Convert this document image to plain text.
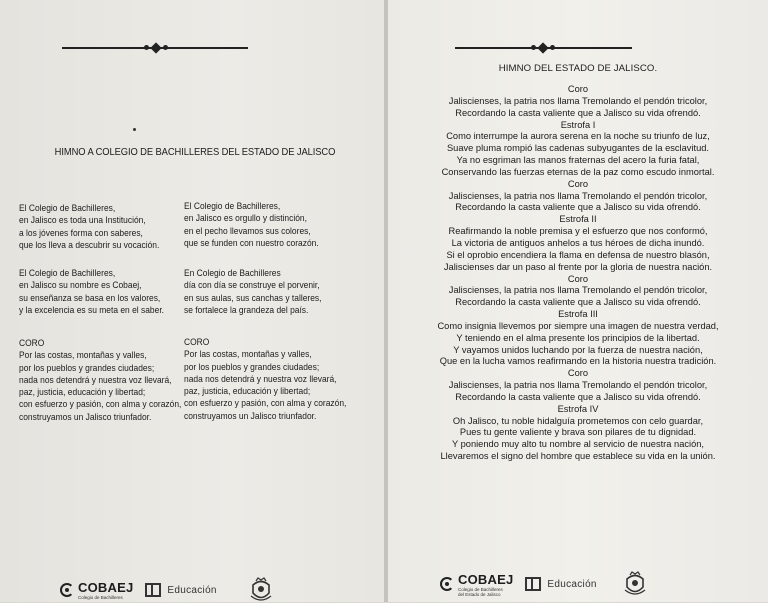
HIMNO A COLEGIO DE BACHILLERES DEL ESTADO DE JALISCO
El Colegio de Bachilleres,
en Jalisco es toda una Institución,
a los jóvenes forma con saberes,
que los lleva a descubrir su vocación.
El Colegio de Bachilleres,
en Jalisco su nombre es Cobaej,
su enseñanza se basa en los valores,
y la excelencia es su meta en el saber.
CORO
Por las costas, montañas y valles,
por los pueblos y grandes ciudades;
nada nos detendrá y nuestra voz llevará,
paz, justicia, educación y libertad;
con esfuerzo y pasión, con alma y corazón,
construyamos un Jalisco triunfador.
El Colegio de Bachilleres,
en Jalisco es orgullo y distinción,
en el pecho llevamos sus colores,
que se funden con nuestro corazón.
En Colegio de Bachilleres
día con día se construye el porvenir,
en sus aulas, sus canchas y talleres,
se fortalece la grandeza del país.
CORO
Por las costas, montañas y valles,
por los pueblos y grandes ciudades;
nada nos detendrá y nuestra voz llevará,
paz, justicia, educación y libertad;
con esfuerzo y pasión, con alma y corazón,
construyamos un Jalisco triunfador.
COBAEJ
Colegio de Bachilleres
Educación
HIMNO DEL ESTADO DE JALISCO.
Coro
Jaliscienses, la patria nos llama Tremolando el pendón tricolor,
Recordando la casta valiente que a Jalisco su vida ofrendó.
Estrofa I
Como interrumpe la aurora serena en la noche su triunfo de luz,
Suave pluma rompió las cadenas subyugantes de la esclavitud.
Ya no esgriman las manos fraternas del acero la furia fatal,
Conservando las fuerzas eternas de la paz como escudo inmortal.
Coro
Jaliscienses, la patria nos llama Tremolando el pendón tricolor,
Recordando la casta valiente que a Jalisco su vida ofrendó.
Estrofa II
Reafirmando la noble premisa y el esfuerzo que nos conformó,
La victoria de antiguos anhelos a tus héroes de dicha inundó.
Si el oprobio encendiera la flama en defensa de nuestro blasón,
Jaliscienses dar un paso al frente por la gloria de nuestra nación.
Coro
Jaliscienses, la patria nos llama Tremolando el pendón tricolor,
Recordando la casta valiente que a Jalisco su vida ofrendó.
Estrofa III
Como insignia llevemos por siempre una imagen de nuestra verdad,
Y teniendo en el alma presente los principios de la libertad.
Y vayamos unidos luchando por la fuerza de nuestra nación,
Que en la lucha vamos reafirmando en la historia nuestra tradición.
Coro
Jaliscienses, la patria nos llama Tremolando el pendón tricolor,
Recordando la casta valiente que a Jalisco su vida ofrendó.
Estrofa IV
Oh Jalisco, tu noble hidalguía prometemos con celo guardar,
Pues tu gente valiente y brava son pilares de tu dignidad.
Y poniendo muy alto tu nombre al servicio de nuestra nación,
Llevaremos el signo del hombre que establece su vida en la unión.
COBAEJ
Colegio de Bachilleres
del Estado de Jalisco
Educación
